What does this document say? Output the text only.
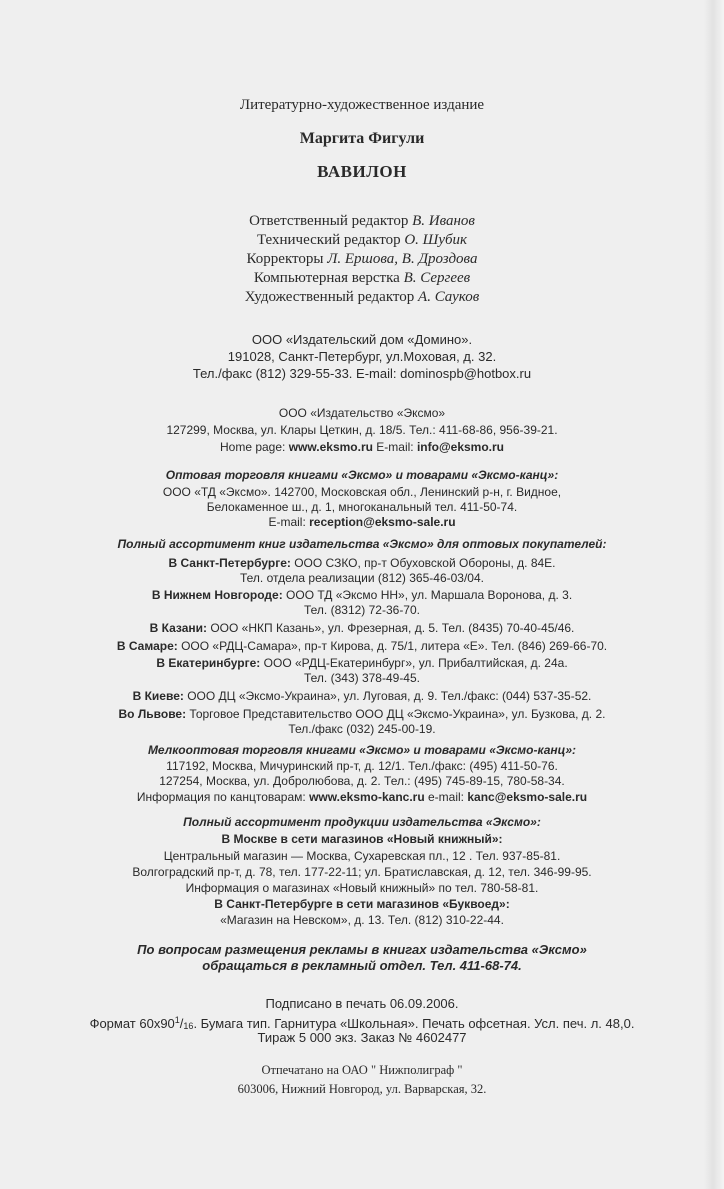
Литературно-художественное издание
Маргита Фигули
ВАВИЛОН
Ответственный редактор В. Иванов
Технический редактор О. Шубик
Корректоры Л. Ершова, В. Дроздова
Компьютерная верстка В. Сергеев
Художественный редактор А. Сауков
ООО «Издательский дом «Домино».
191028, Санкт-Петербург, ул.Моховая, д. 32.
Тел./факс (812) 329-55-33. E-mail: dominospb@hotbox.ru
ООО «Издательство «Эксмо»
127299, Москва, ул. Клары Цеткин, д. 18/5. Тел.: 411-68-86, 956-39-21.
Home page: www.eksmo.ru E-mail: info@eksmo.ru
Оптовая торговля книгами «Эксмо» и товарами «Эксмо-канц»:
ООО «ТД «Эксмо». 142700, Московская обл., Ленинский р-н, г. Видное,
Белокаменное ш., д. 1, многоканальный тел. 411-50-74.
E-mail: reception@eksmo-sale.ru
Полный ассортимент книг издательства «Эксмо» для оптовых покупателей:
В Санкт-Петербурге: ООО СЗКО, пр-т Обуховской Обороны, д. 84Е.
Тел. отдела реализации (812) 365-46-03/04.
В Нижнем Новгороде: ООО ТД «Эксмо НН», ул. Маршала Воронова, д. 3.
Тел. (8312) 72-36-70.
В Казани: ООО «НКП Казань», ул. Фрезерная, д. 5. Тел. (8435) 70-40-45/46.
В Самаре: ООО «РДЦ-Самара», пр-т Кирова, д. 75/1, литера «Е». Тел. (846) 269-66-70.
В Екатеринбурге: ООО «РДЦ-Екатеринбург», ул. Прибалтийская, д. 24а.
Тел. (343) 378-49-45.
В Киеве: ООО ДЦ «Эксмо-Украина», ул. Луговая, д. 9. Тел./факс: (044) 537-35-52.
Во Львове: Торговое Представительство ООО ДЦ «Эксмо-Украина», ул. Бузкова, д. 2.
Тел./факс (032) 245-00-19.
Мелкооптовая торговля книгами «Эксмо» и товарами «Эксмо-канц»:
117192, Москва, Мичуринский пр-т, д. 12/1. Тел./факс: (495) 411-50-76.
127254, Москва, ул. Добролюбова, д. 2. Тел.: (495) 745-89-15, 780-58-34.
Информация по канцтоварам: www.eksmo-kanc.ru e-mail: kanc@eksmo-sale.ru
Полный ассортимент продукции издательства «Эксмо»:
В Москве в сети магазинов «Новый книжный»:
Центральный магазин — Москва, Сухаревская пл., 12 . Тел. 937-85-81.
Волгоградский пр-т, д. 78, тел. 177-22-11; ул. Братиславская, д. 12, тел. 346-99-95.
Информация о магазинах «Новый книжный» по тел. 780-58-81.
В Санкт-Петербурге в сети магазинов «Буквоед»:
«Магазин на Невском», д. 13. Тел. (812) 310-22-44.
По вопросам размещения рекламы в книгах издательства «Эксмо»
обращаться в рекламный отдел. Тел. 411-68-74.
Подписано в печать 06.09.2006.
Формат $60х90^1/16$. Бумага тип. Гарнитура «Школьная». Печать офсетная. Усл. печ. л. 48,0.
Тираж 5 000 экз. Заказ № 4602477
Отпечатано на ОАО " Нижполиграф "
603006, Нижний Новгород, ул. Варварская, 32.
